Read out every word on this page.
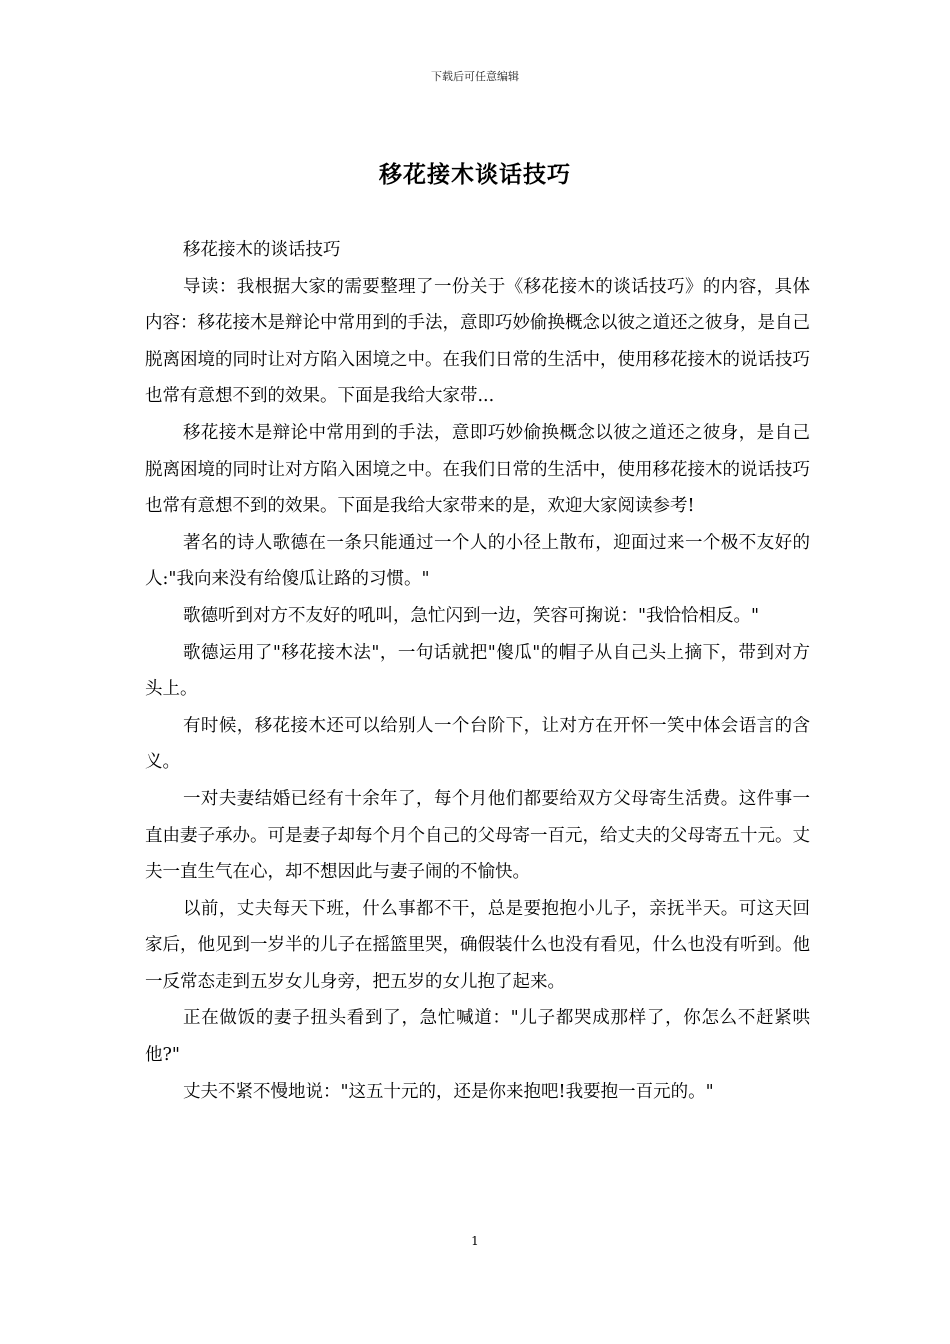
下载后可任意编辑
移花接木谈话技巧

移花接木的谈话技巧

导读：我根据大家的需要整理了一份关于《移花接木的谈话技巧》的内容，具体内容：移花接木是辩论中常用到的手法，意即巧妙偷换概念以彼之道还之彼身，是自己脱离困境的同时让对方陷入困境之中。在我们日常的生活中，使用移花接木的说话技巧也常有意想不到的效果。下面是我给大家带...

移花接木是辩论中常用到的手法，意即巧妙偷换概念以彼之道还之彼身，是自己脱离困境的同时让对方陷入困境之中。在我们日常的生活中，使用移花接木的说话技巧也常有意想不到的效果。下面是我给大家带来的是，欢迎大家阅读参考!

著名的诗人歌德在一条只能通过一个人的小径上散布，迎面过来一个极不友好的人:"我向来没有给傻瓜让路的习惯。"

歌德听到对方不友好的吼叫，急忙闪到一边，笑容可掬说："我恰恰相反。"

歌德运用了"移花接木法"，一句话就把"傻瓜"的帽子从自己头上摘下，带到对方头上。

有时候，移花接木还可以给别人一个台阶下，让对方在开怀一笑中体会语言的含义。

一对夫妻结婚已经有十余年了，每个月他们都要给双方父母寄生活费。这件事一直由妻子承办。可是妻子却每个月个自己的父母寄一百元，给丈夫的父母寄五十元。丈夫一直生气在心，却不想因此与妻子闹的不愉快。

以前，丈夫每天下班，什么事都不干，总是要抱抱小儿子，亲抚半天。可这天回家后，他见到一岁半的儿子在摇篮里哭，确假装什么也没有看见，什么也没有听到。他一反常态走到五岁女儿身旁，把五岁的女儿抱了起来。

正在做饭的妻子扭头看到了，急忙喊道："儿子都哭成那样了，你怎么不赶紧哄他?"

丈夫不紧不慢地说："这五十元的，还是你来抱吧!我要抱一百元的。"

1
